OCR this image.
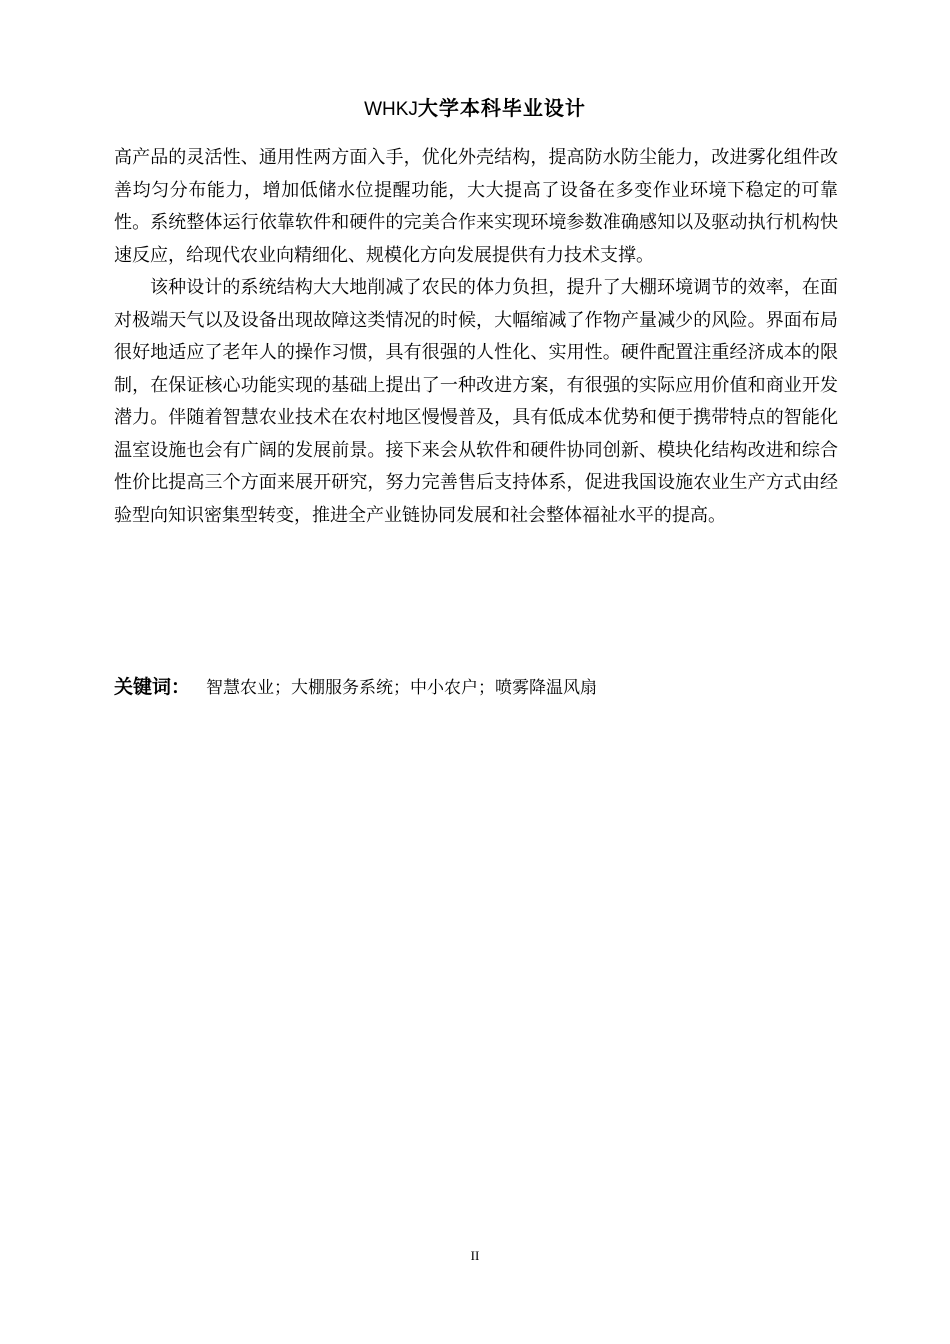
WHKJ大学本科毕业设计

高产品的灵活性、通用性两方面入手，优化外壳结构，提高防水防尘能力，改进雾化组件改善均匀分布能力，增加低储水位提醒功能，大大提高了设备在多变作业环境下稳定的可靠性。系统整体运行依靠软件和硬件的完美合作来实现环境参数准确感知以及驱动执行机构快速反应，给现代农业向精细化、规模化方向发展提供有力技术支撑。

该种设计的系统结构大大地削减了农民的体力负担，提升了大棚环境调节的效率，在面对极端天气以及设备出现故障这类情况的时候，大幅缩减了作物产量减少的风险。界面布局很好地适应了老年人的操作习惯，具有很强的人性化、实用性。硬件配置注重经济成本的限制，在保证核心功能实现的基础上提出了一种改进方案，有很强的实际应用价值和商业开发潜力。伴随着智慧农业技术在农村地区慢慢普及，具有低成本优势和便于携带特点的智能化温室设施也会有广阔的发展前景。接下来会从软件和硬件协同创新、模块化结构改进和综合性价比提高三个方面来展开研究，努力完善售后支持体系，促进我国设施农业生产方式由经验型向知识密集型转变，推进全产业链协同发展和社会整体福祉水平的提高。

关键词： 智慧农业；大棚服务系统；中小农户；喷雾降温风扇
II
